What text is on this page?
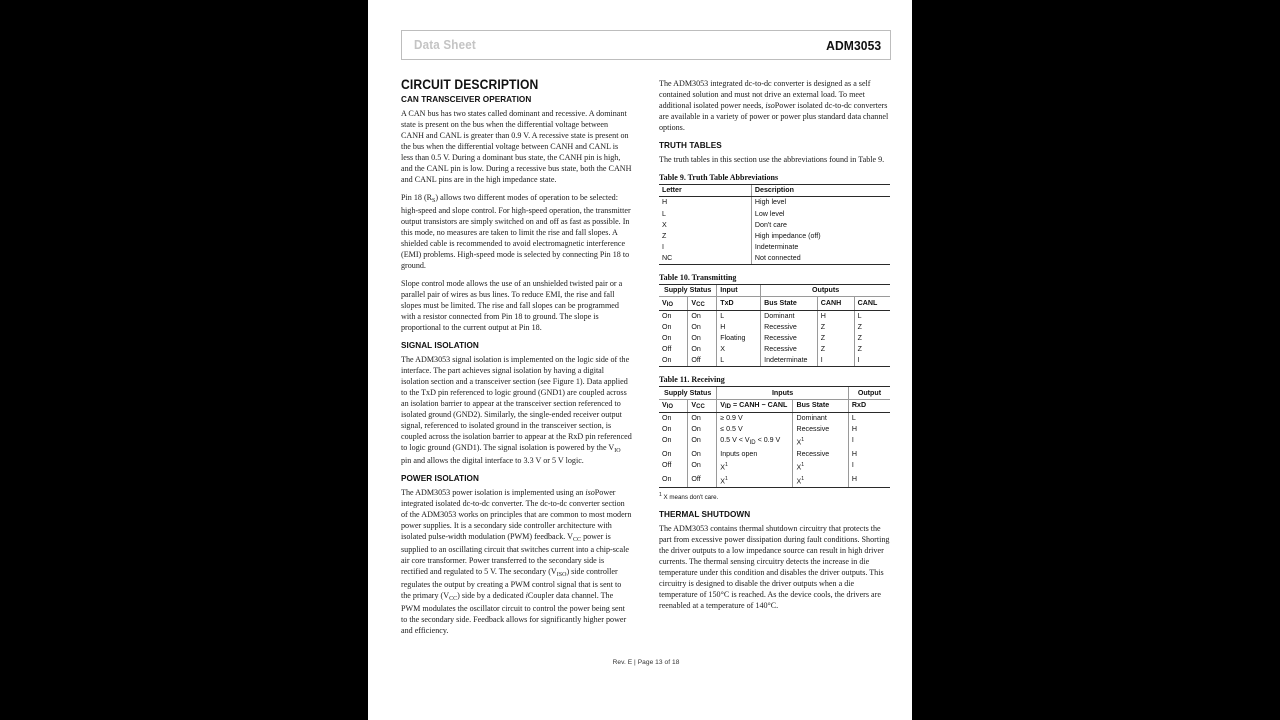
Data Sheet	ADM3053
CIRCUIT DESCRIPTION
CAN TRANSCEIVER OPERATION

A CAN bus has two states called dominant and recessive. A dominant state is present on the bus when the differential voltage between CANH and CANL is greater than 0.9 V. A recessive state is present on the bus when the differential voltage between CANH and CANL is less than 0.5 V. During a dominant bus state, the CANH pin is high, and the CANL pin is low. During a recessive bus state, both the CANH and CANL pins are in the high impedance state.

Pin 18 $(R_S)$ allows two different modes of operation to be selected: high-speed and slope control. For high-speed operation, the transmitter output transistors are simply switched on and off as fast as possible. In this mode, no measures are taken to limit the rise and fall slopes. A shielded cable is recommended to avoid electromagnetic interference (EMI) problems. High-speed mode is selected by connecting Pin 18 to ground.

Slope control mode allows the use of an unshielded twisted pair or a parallel pair of wires as bus lines. To reduce EMI, the rise and fall slopes must be limited. The rise and fall slopes can be programmed with a resistor connected from Pin 18 to ground. The slope is proportional to the current output at Pin 18.

SIGNAL ISOLATION

The ADM3053 signal isolation is implemented on the logic side of the interface. The part achieves signal isolation by having a digital isolation section and a transceiver section (see Figure 1). Data applied to the TxD pin referenced to logic ground (GND1) are coupled across an isolation barrier to appear at the transceiver section referenced to isolated ground (GND2). Similarly, the single-ended receiver output signal, referenced to isolated ground in the transceiver section, is coupled across the isolation barrier to appear at the RxD pin referenced to logic ground (GND1). The signal isolation is powered by the $V_{IO}$ pin and allows the digital interface to 3.3 V or 5 V logic.

POWER ISOLATION

The ADM3053 power isolation is implemented using an isoPower integrated isolated dc-to-dc converter. The dc-to-dc converter section of the ADM3053 works on principles that are common to most modern power supplies. It is a secondary side controller architecture with isolated pulse-width modulation (PWM) feedback. $V_{CC}$ power is supplied to an oscillating circuit that switches current into a chip-scale air core transformer. Power transferred to the secondary side is rectified and regulated to 5 V. The secondary $(V_{ISO})$ side controller regulates the output by creating a PWM control signal that is sent to the primary $(V_{CC})$ side by a dedicated iCoupler data channel. The PWM modulates the oscillator circuit to control the power being sent to the secondary side. Feedback allows for significantly higher power and efficiency.

The ADM3053 integrated dc-to-dc converter is designed as a self contained solution and must not drive an external load. To meet additional isolated power needs, isoPower isolated dc-to-dc converters are available in a variety of power or power plus standard data channel options.

TRUTH TABLES

The truth tables in this section use the abbreviations found in Table 9.

Table 9. Truth Table Abbreviations
Letter	Description
H	High level
L	Low level
X	Don't care
Z	High impedance (off)
I	Indeterminate
NC	Not connected
Table 10. Transmitting
Supply Status		Input	Outputs		
$V_{IO}$	$V_{CC}$	TxD	Bus State	CANH	CANL
On	On	L	Dominant	H	L
On	On	H	Recessive	Z	Z
On	On	Floating	Recessive	Z	Z
Off	On	X	Recessive	Z	Z
On	Off	L	Indeterminate	I	I
Table 11. Receiving
Supply Status		Inputs		Output
$V_{IO}$	$V_{CC}$	$V_{ID}$ = CANH − CANL	Bus State	RxD
On	On	≥ 0.9 V	Dominant	L
On	On	≤ 0.5 V	Recessive	H
On	On	0.5 $V < V_{ID} < 0.9$ V	$X^1$	I
On	On	Inputs open	Recessive	H
Off	On	$X^1$	$X^1$	I
On	Off	$X^1$	$X^1$	H

$^1$ X means don't care.

THERMAL SHUTDOWN

The ADM3053 contains thermal shutdown circuitry that protects the part from excessive power dissipation during fault conditions. Shorting the driver outputs to a low impedance source can result in high driver currents. The thermal sensing circuitry detects the increase in die temperature under this condition and disables the driver outputs. This circuitry is designed to disable the driver outputs when a die temperature of 150°C is reached. As the device cools, the drivers are reenabled at a temperature of 140°C.

Rev. E | Page 13 of 18
